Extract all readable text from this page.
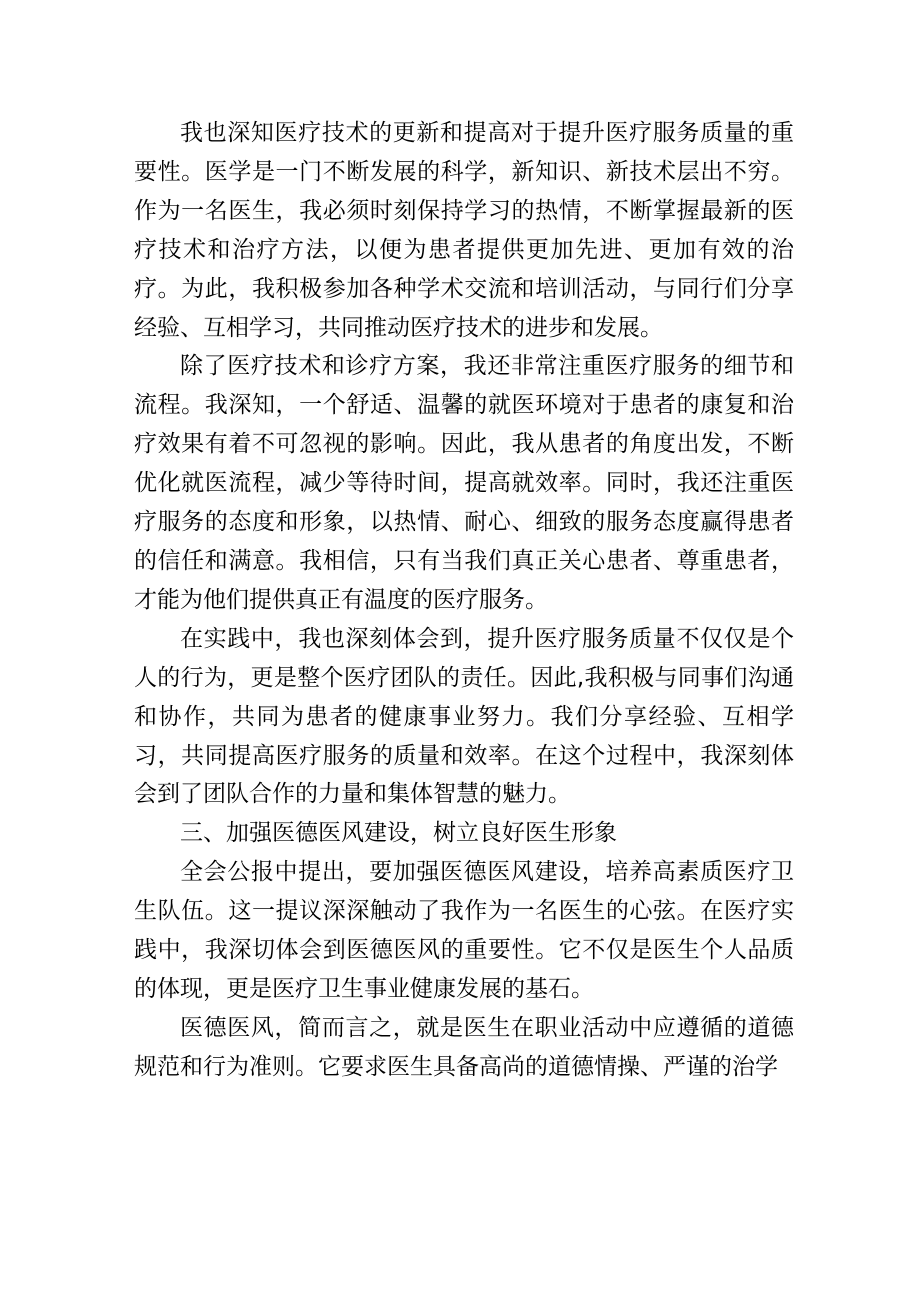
我也深知医疗技术的更新和提高对于提升医疗服务质量的重要性。医学是一门不断发展的科学，新知识、新技术层出不穷。作为一名医生，我必须时刻保持学习的热情，不断掌握最新的医疗技术和治疗方法，以便为患者提供更加先进、更加有效的治疗。为此，我积极参加各种学术交流和培训活动，与同行们分享经验、互相学习，共同推动医疗技术的进步和发展。

除了医疗技术和诊疗方案，我还非常注重医疗服务的细节和流程。我深知，一个舒适、温馨的就医环境对于患者的康复和治疗效果有着不可忽视的影响。因此，我从患者的角度出发，不断优化就医流程，减少等待时间，提高就效率。同时，我还注重医疗服务的态度和形象，以热情、耐心、细致的服务态度赢得患者的信任和满意。我相信，只有当我们真正关心患者、尊重患者，才能为他们提供真正有温度的医疗服务。

在实践中，我也深刻体会到，提升医疗服务质量不仅仅是个人的行为，更是整个医疗团队的责任。因此,我积极与同事们沟通和协作，共同为患者的健康事业努力。我们分享经验、互相学习，共同提高医疗服务的质量和效率。在这个过程中，我深刻体会到了团队合作的力量和集体智慧的魅力。

三、加强医德医风建设，树立良好医生形象

全会公报中提出，要加强医德医风建设，培养高素质医疗卫生队伍。这一提议深深触动了我作为一名医生的心弦。在医疗实践中，我深切体会到医德医风的重要性。它不仅是医生个人品质的体现，更是医疗卫生事业健康发展的基石。

医德医风，简而言之，就是医生在职业活动中应遵循的道德规范和行为准则。它要求医生具备高尚的道德情操、严谨的治学
